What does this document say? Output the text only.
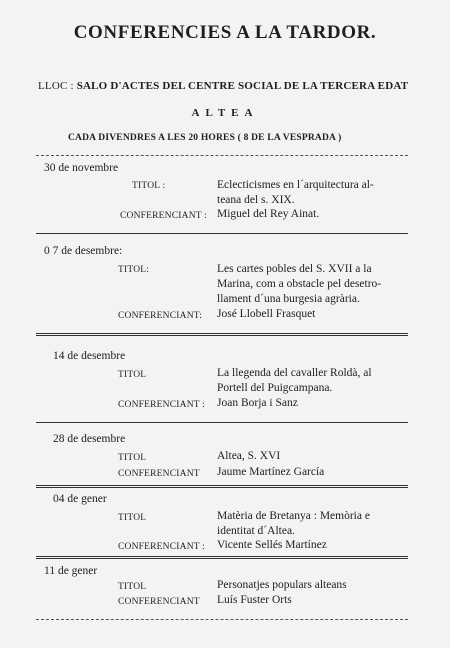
CONFERENCIES A LA TARDOR.
LLOC : SALO D'ACTES DEL CENTRE SOCIAL DE LA TERCERA EDAT
ALTEA
CADA DIVENDRES A LES 20 HORES ( 8 DE LA VESPRADA )
30 de novembre
TITOL :	Eclecticismes en l´arquitectura al-
teana del s. XIX.
CONFERENCIANT : Miguel del Rey Ainat.
0 7 de desembre:
TITOL:	Les cartes pobles del S. XVII a la
Marina, com a obstacle pel desetro-
llament d´una burgesia agrària.
CONFERENCIANT: José Llobell Frasquet
14 de desembre
TITOL	La llegenda del cavaller Roldà, al
Portell del Puigcampana.
CONFERENCIANT : Joan Borja i Sanz
28 de desembre
TITOL	Altea, S. XVI
CONFERENCIANT Jaume Martínez García
04 de gener
TITOL	Matèria de Bretanya : Memòria e
identitat d´Altea.
CONFERENCIANT : Vicente Sellés Martínez
11 de gener
TITOL	Personatjes populars alteans
CONFERENCIANT Luís Fuster Orts
